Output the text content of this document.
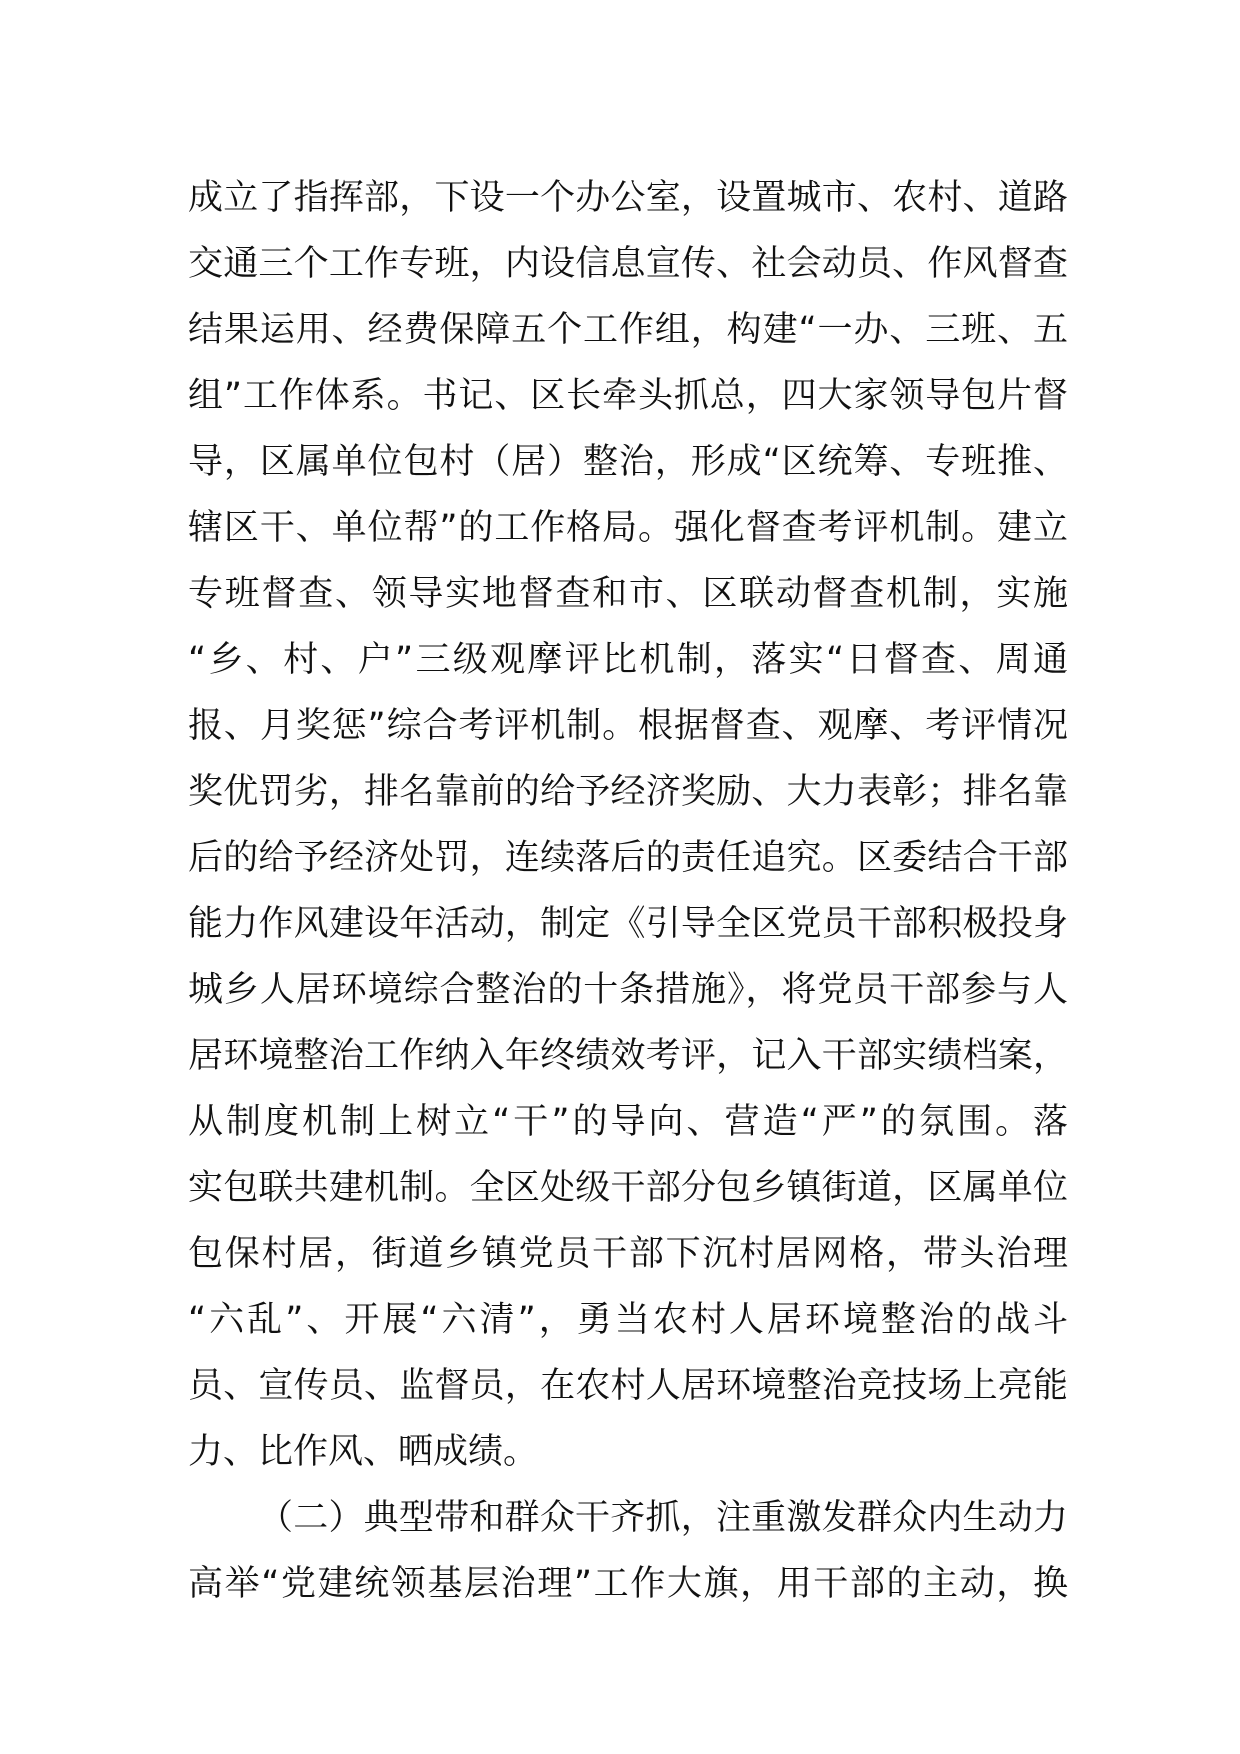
成立了指挥部，下设一个办公室，设置城市、农村、道路
交通三个工作专班，内设信息宣传、社会动员、作风督查
结果运用、经费保障五个工作组，构建“一办、三班、五
组”工作体系。书记、区长牵头抓总，四大家领导包片督
导，区属单位包村（居）整治，形成“区统筹、专班推、
辖区干、单位帮”的工作格局。强化督查考评机制。建立
专班督查、领导实地督查和市、区联动督查机制，实施
“乡、村、户”三级观摩评比机制，落实“日督查、周通
报、月奖惩”综合考评机制。根据督查、观摩、考评情况
奖优罚劣，排名靠前的给予经济奖励、大力表彰；排名靠
后的给予经济处罚，连续落后的责任追究。区委结合干部
能力作风建设年活动，制定《引导全区党员干部积极投身
城乡人居环境综合整治的十条措施》，将党员干部参与人
居环境整治工作纳入年终绩效考评，记入干部实绩档案，
从制度机制上树立“干”的导向、营造“严”的氛围。落
实包联共建机制。全区处级干部分包乡镇街道，区属单位
包保村居，街道乡镇党员干部下沉村居网格，带头治理
“六乱”、开展“六清”，勇当农村人居环境整治的战斗
员、宣传员、监督员，在农村人居环境整治竞技场上亮能
力、比作风、晒成绩。
（二）典型带和群众干齐抓，注重激发群众内生动力
高举“党建统领基层治理”工作大旗，用干部的主动，换
